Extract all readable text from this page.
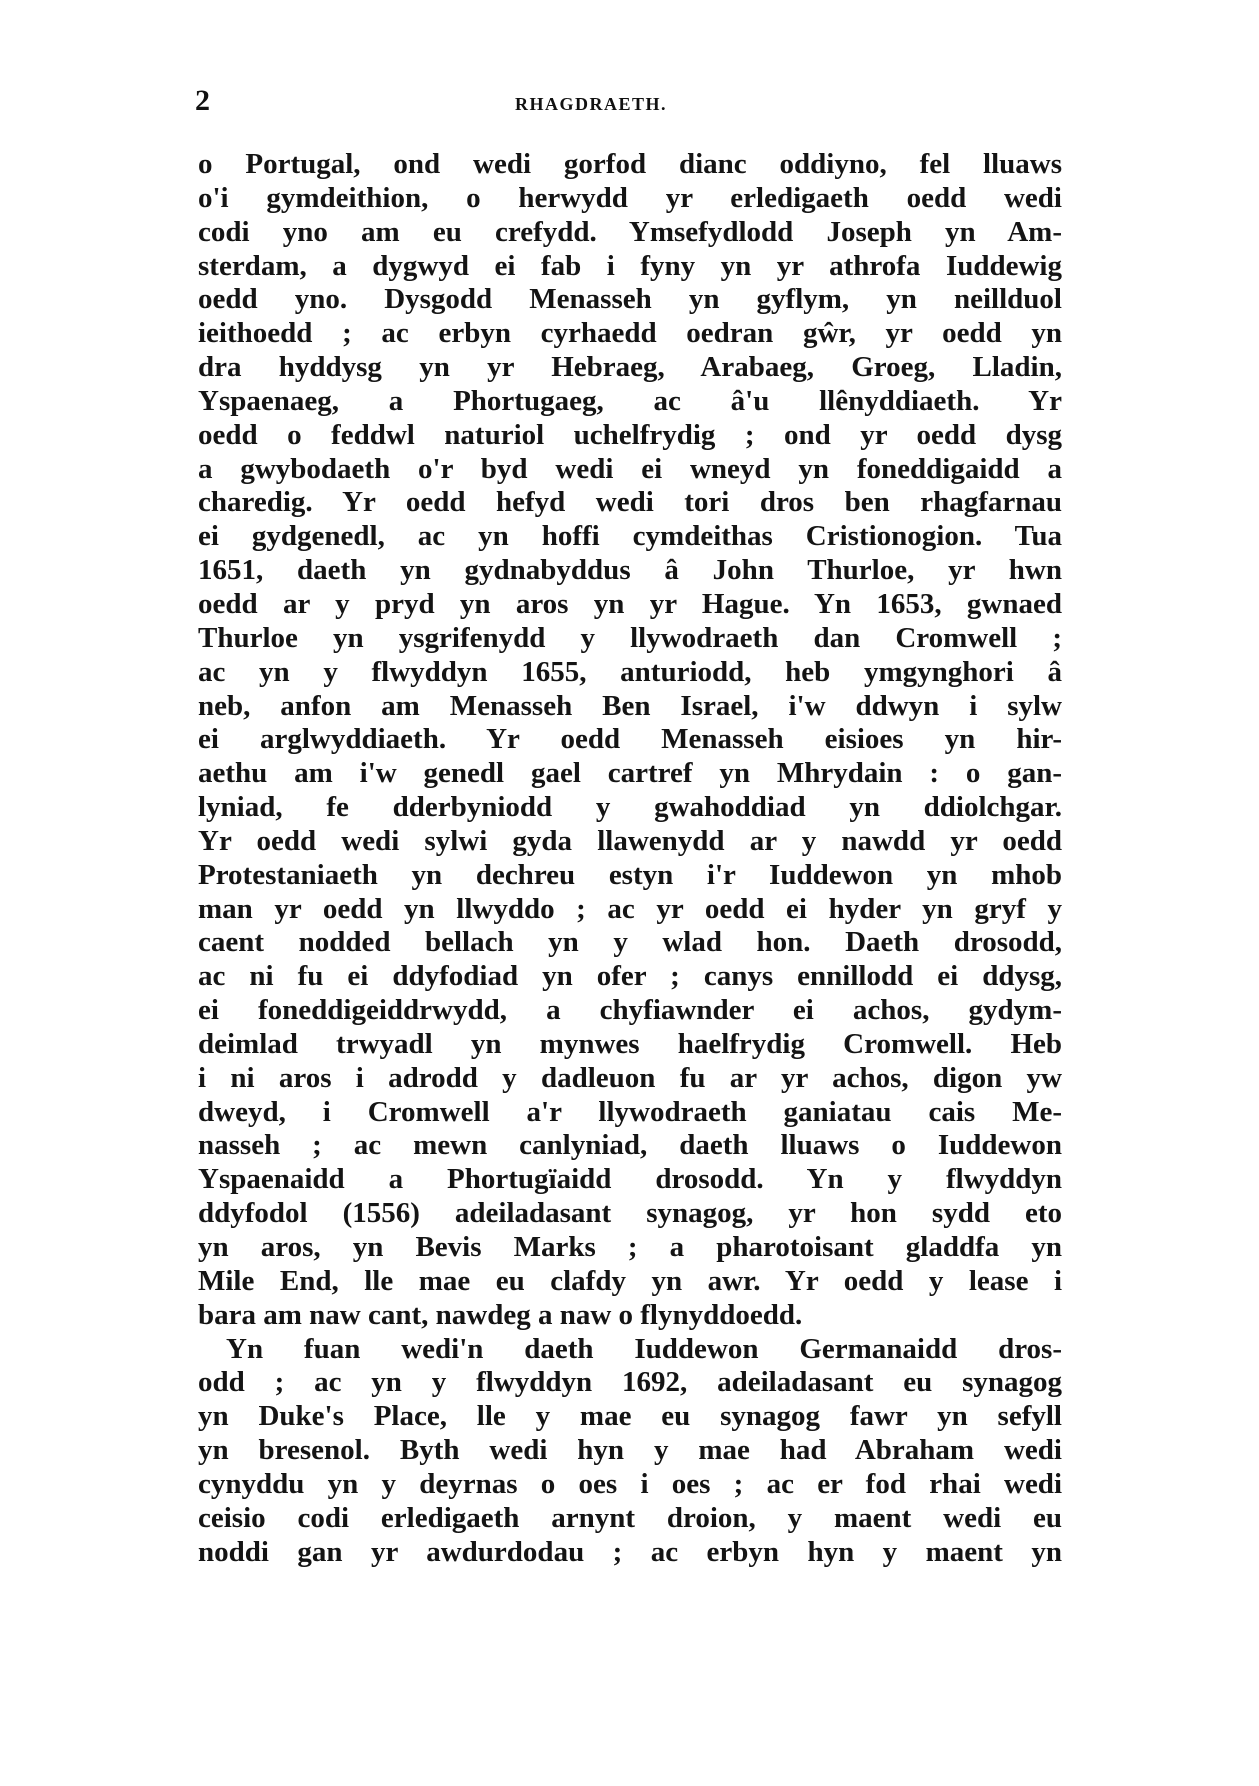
2	RHAGDRAETH.
o Portugal, ond wedi gorfod dianc oddiyno, fel lluaws
o'i gymdeithion, o herwydd yr erledigaeth oedd wedi
codi yno am eu crefydd. Ymsefydlodd Joseph yn Am-
sterdam, a dygwyd ei fab i fyny yn yr athrofa Iuddewig
oedd yno. Dysgodd Menasseh yn gyflym, yn neillduol
ieithoedd ; ac erbyn cyrhaedd oedran gŵr, yr oedd yn
dra hyddysg yn yr Hebraeg, Arabaeg, Groeg, Lladin,
Yspaenaeg, a Phortugaeg, ac â'u llênyddiaeth. Yr
oedd o feddwl naturiol uchelfrydig ; ond yr oedd dysg
a gwybodaeth o'r byd wedi ei wneyd yn foneddigaidd a
charedig. Yr oedd hefyd wedi tori dros ben rhagfarnau
ei gydgenedl, ac yn hoffi cymdeithas Cristionogion. Tua
1651, daeth yn gydnabyddus â John Thurloe, yr hwn
oedd ar y pryd yn aros yn yr Hague. Yn 1653, gwnaed
Thurloe yn ysgrifenydd y llywodraeth dan Cromwell ;
ac yn y flwyddyn 1655, anturiodd, heb ymgynghori â
neb, anfon am Menasseh Ben Israel, i'w ddwyn i sylw
ei arglwyddiaeth. Yr oedd Menasseh eisioes yn hir-
aethu am i'w genedl gael cartref yn Mhrydain : o gan-
lyniad, fe dderbyniodd y gwahoddiad yn ddiolchgar.
Yr oedd wedi sylwi gyda llawenydd ar y nawdd yr oedd
Protestaniaeth yn dechreu estyn i'r Iuddewon yn mhob
man yr oedd yn llwyddo ; ac yr oedd ei hyder yn gryf y
caent nodded bellach yn y wlad hon. Daeth drosodd,
ac ni fu ei ddyfodiad yn ofer ; canys ennillodd ei ddysg,
ei foneddigeiddrwydd, a chyfiawnder ei achos, gydym-
deimlad trwyadl yn mynwes haelfrydig Cromwell. Heb
i ni aros i adrodd y dadleuon fu ar yr achos, digon yw
dweyd, i Cromwell a'r llywodraeth ganiatau cais Me-
nasseh ; ac mewn canlyniad, daeth lluaws o Iuddewon
Yspaenaidd a Phortugïaidd drosodd. Yn y flwyddyn
ddyfodol (1556) adeiladasant synagog, yr hon sydd eto
yn aros, yn Bevis Marks ; a pharotoisant gladdfa yn
Mile End, lle mae eu clafdy yn awr. Yr oedd y lease i
bara am naw cant, nawdeg a naw o flynyddoedd.
Yn fuan wedi'n daeth Iuddewon Germanaidd dros-
odd ; ac yn y flwyddyn 1692, adeiladasant eu synagog
yn Duke's Place, lle y mae eu synagog fawr yn sefyll
yn bresenol. Byth wedi hyn y mae had Abraham wedi
cynyddu yn y deyrnas o oes i oes ; ac er fod rhai wedi
ceisio codi erledigaeth arnynt droion, y maent wedi eu
noddi gan yr awdurdodau ; ac erbyn hyn y maent yn
